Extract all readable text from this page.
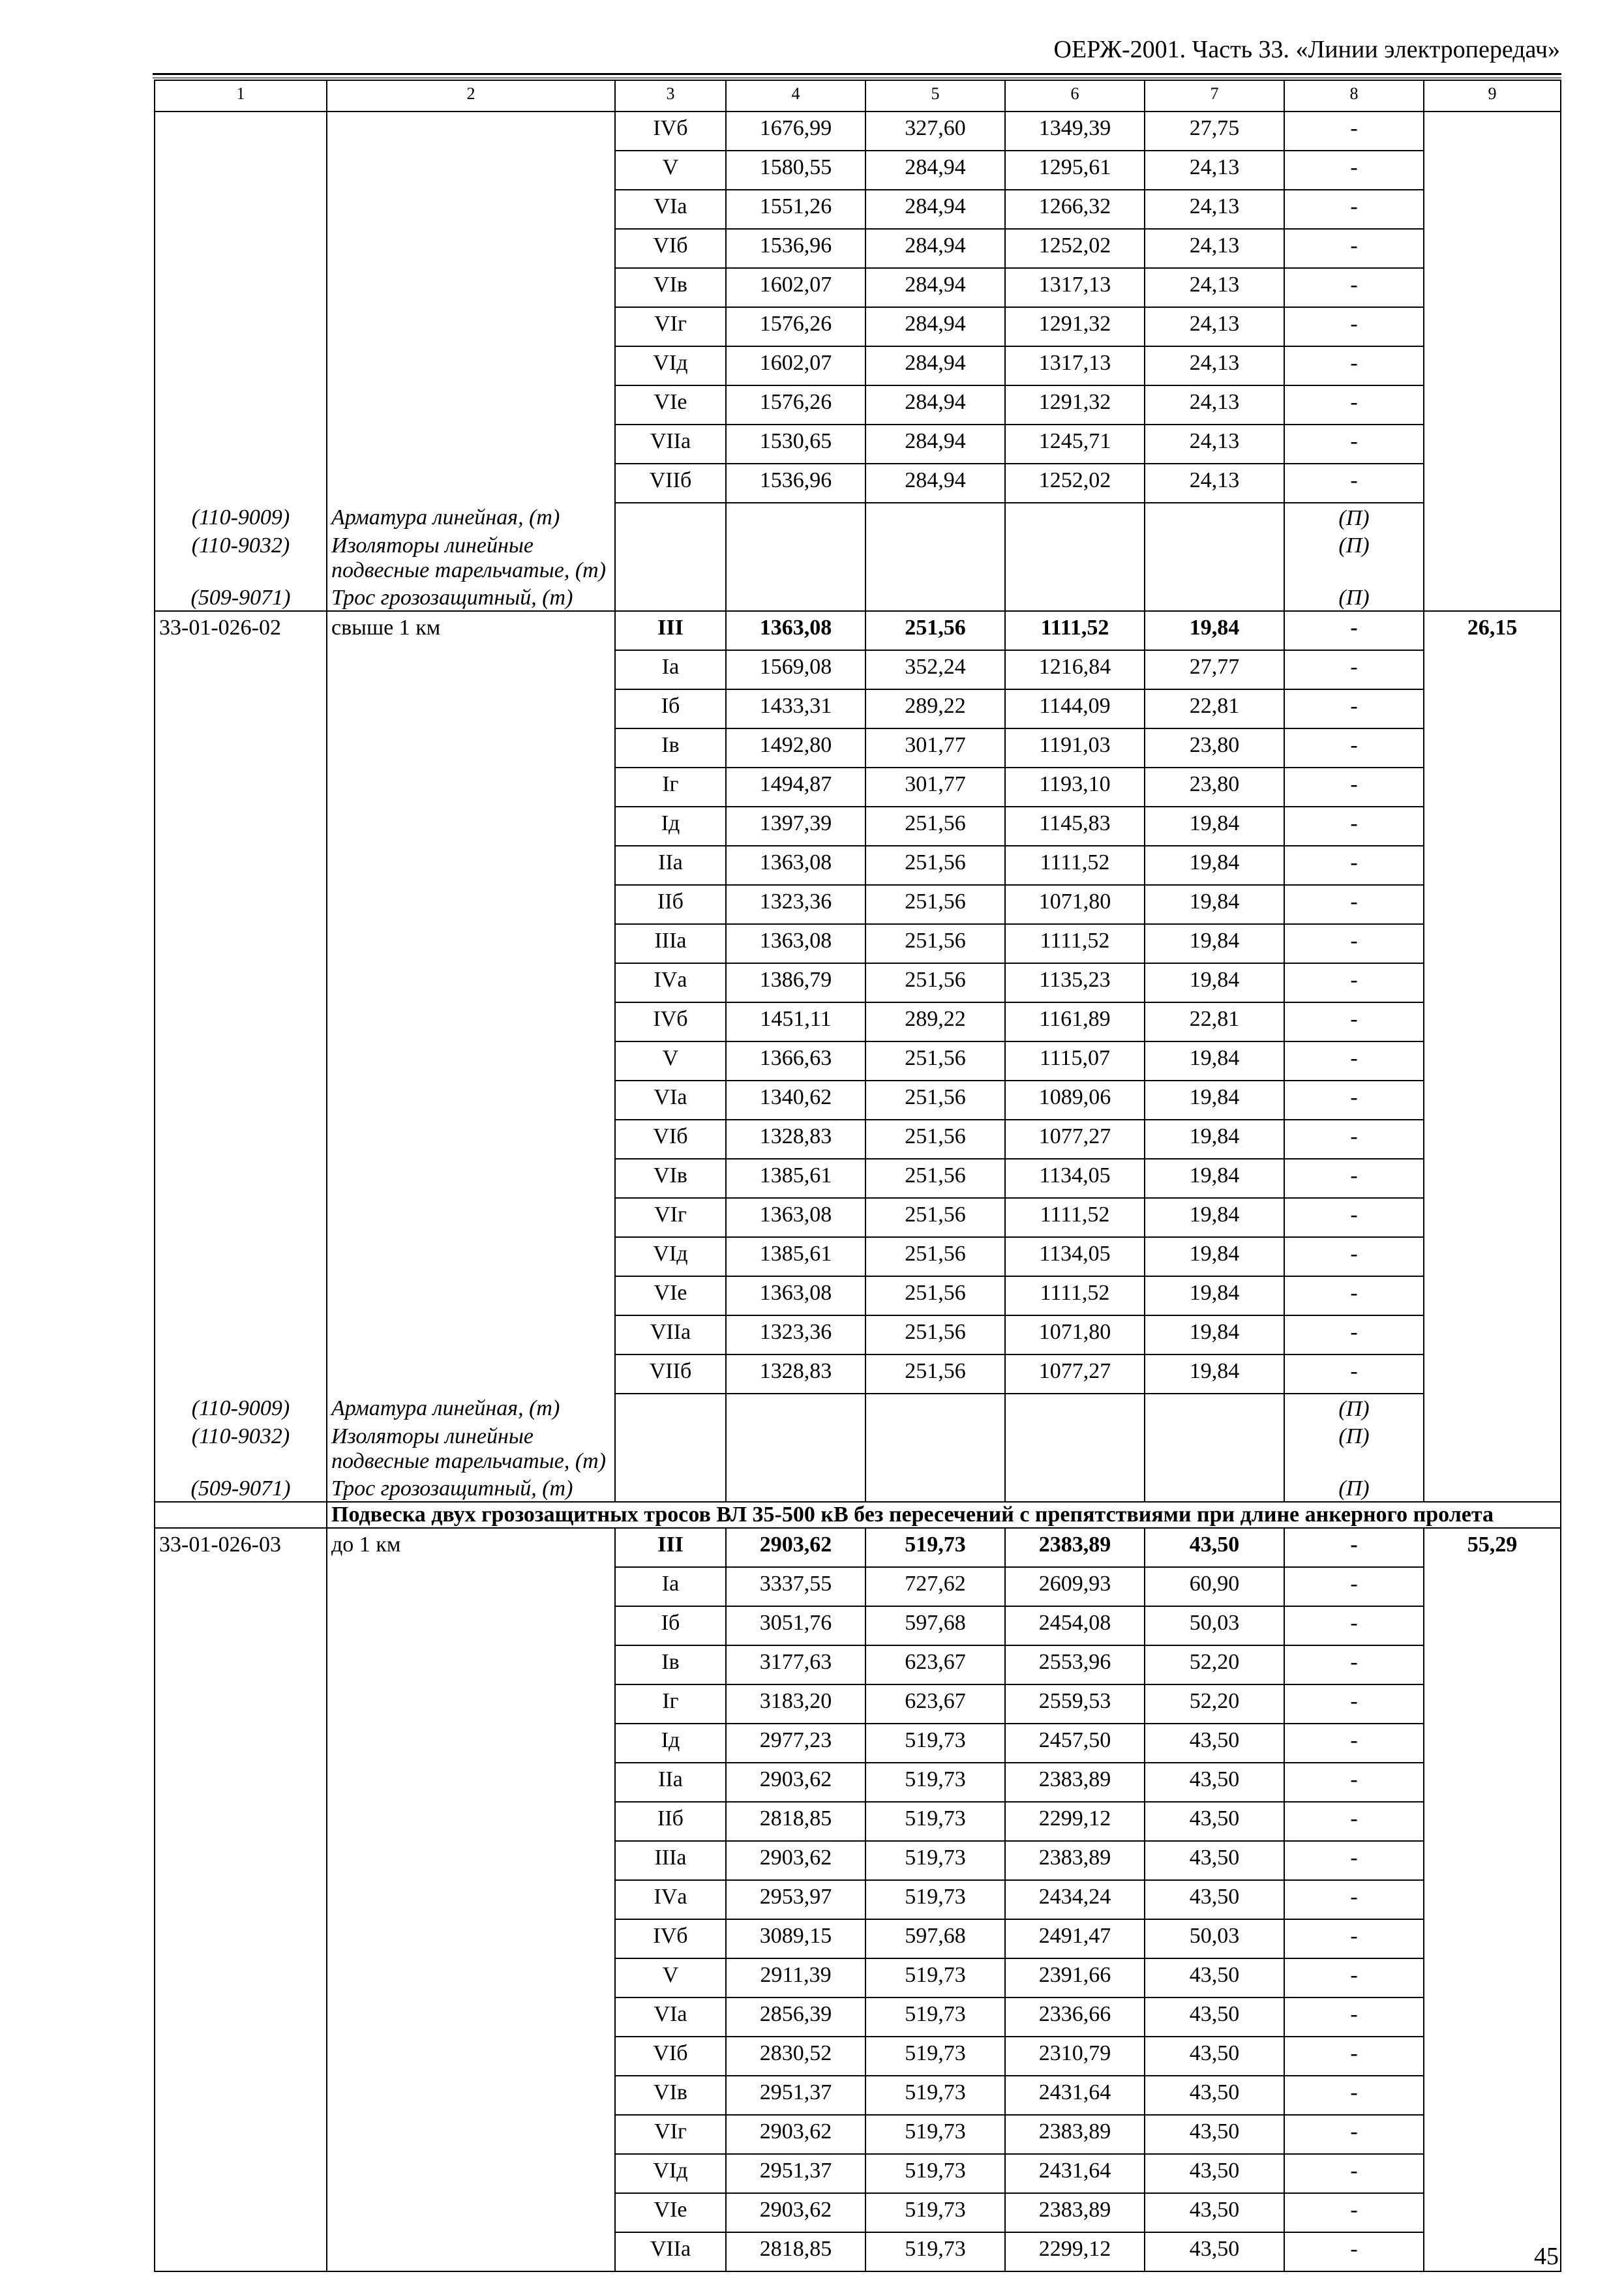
ОЕРЖ-2001. Часть 33. «Линии электропередач»
1	2	3	4	5	6	7	8	9
		IVб	1676,99	327,60	1349,39	27,75	-	
		V	1580,55	284,94	1295,61	24,13	-	
		VIа	1551,26	284,94	1266,32	24,13	-	
		VIб	1536,96	284,94	1252,02	24,13	-	
		VIв	1602,07	284,94	1317,13	24,13	-	
		VIг	1576,26	284,94	1291,32	24,13	-	
		VIд	1602,07	284,94	1317,13	24,13	-	
		VIе	1576,26	284,94	1291,32	24,13	-	
		VIIа	1530,65	284,94	1245,71	24,13	-	
		VIIб	1536,96	284,94	1252,02	24,13	-	
(110-9009)	Арматура линейная, (т)						(П)	
(110-9032)	Изоляторы линейные подвесные тарельчатые, (т)						(П)	
(509-9071)	Трос грозозащитный, (т)						(П)	
33-01-026-02	свыше 1 км	III	1363,08	251,56	1111,52	19,84	-	26,15
		Iа	1569,08	352,24	1216,84	27,77	-	
		Iб	1433,31	289,22	1144,09	22,81	-	
		Iв	1492,80	301,77	1191,03	23,80	-	
		Iг	1494,87	301,77	1193,10	23,80	-	
		Iд	1397,39	251,56	1145,83	19,84	-	
		IIа	1363,08	251,56	1111,52	19,84	-	
		IIб	1323,36	251,56	1071,80	19,84	-	
		IIIа	1363,08	251,56	1111,52	19,84	-	
		IVа	1386,79	251,56	1135,23	19,84	-	
		IVб	1451,11	289,22	1161,89	22,81	-	
		V	1366,63	251,56	1115,07	19,84	-	
		VIа	1340,62	251,56	1089,06	19,84	-	
		VIб	1328,83	251,56	1077,27	19,84	-	
		VIв	1385,61	251,56	1134,05	19,84	-	
		VIг	1363,08	251,56	1111,52	19,84	-	
		VIд	1385,61	251,56	1134,05	19,84	-	
		VIе	1363,08	251,56	1111,52	19,84	-	
		VIIа	1323,36	251,56	1071,80	19,84	-	
		VIIб	1328,83	251,56	1077,27	19,84	-	
(110-9009)	Арматура линейная, (т)						(П)	
(110-9032)	Изоляторы линейные подвесные тарельчатые, (т)						(П)	
(509-9071)	Трос грозозащитный, (т)						(П)	
	Подвеска двух грозозащитных тросов ВЛ 35-500 кВ без пересечений с препятствиями при длине анкерного пролета							
33-01-026-03	до 1 км	III	2903,62	519,73	2383,89	43,50	-	55,29
		Iа	3337,55	727,62	2609,93	60,90	-	
		Iб	3051,76	597,68	2454,08	50,03	-	
		Iв	3177,63	623,67	2553,96	52,20	-	
		Iг	3183,20	623,67	2559,53	52,20	-	
		Iд	2977,23	519,73	2457,50	43,50	-	
		IIа	2903,62	519,73	2383,89	43,50	-	
		IIб	2818,85	519,73	2299,12	43,50	-	
		IIIа	2903,62	519,73	2383,89	43,50	-	
		IVа	2953,97	519,73	2434,24	43,50	-	
		IVб	3089,15	597,68	2491,47	50,03	-	
		V	2911,39	519,73	2391,66	43,50	-	
		VIа	2856,39	519,73	2336,66	43,50	-	
		VIб	2830,52	519,73	2310,79	43,50	-	
		VIв	2951,37	519,73	2431,64	43,50	-	
		VIг	2903,62	519,73	2383,89	43,50	-	
		VIд	2951,37	519,73	2431,64	43,50	-	
		VIе	2903,62	519,73	2383,89	43,50	-	
		VIIа	2818,85	519,73	2299,12	43,50	-		45
